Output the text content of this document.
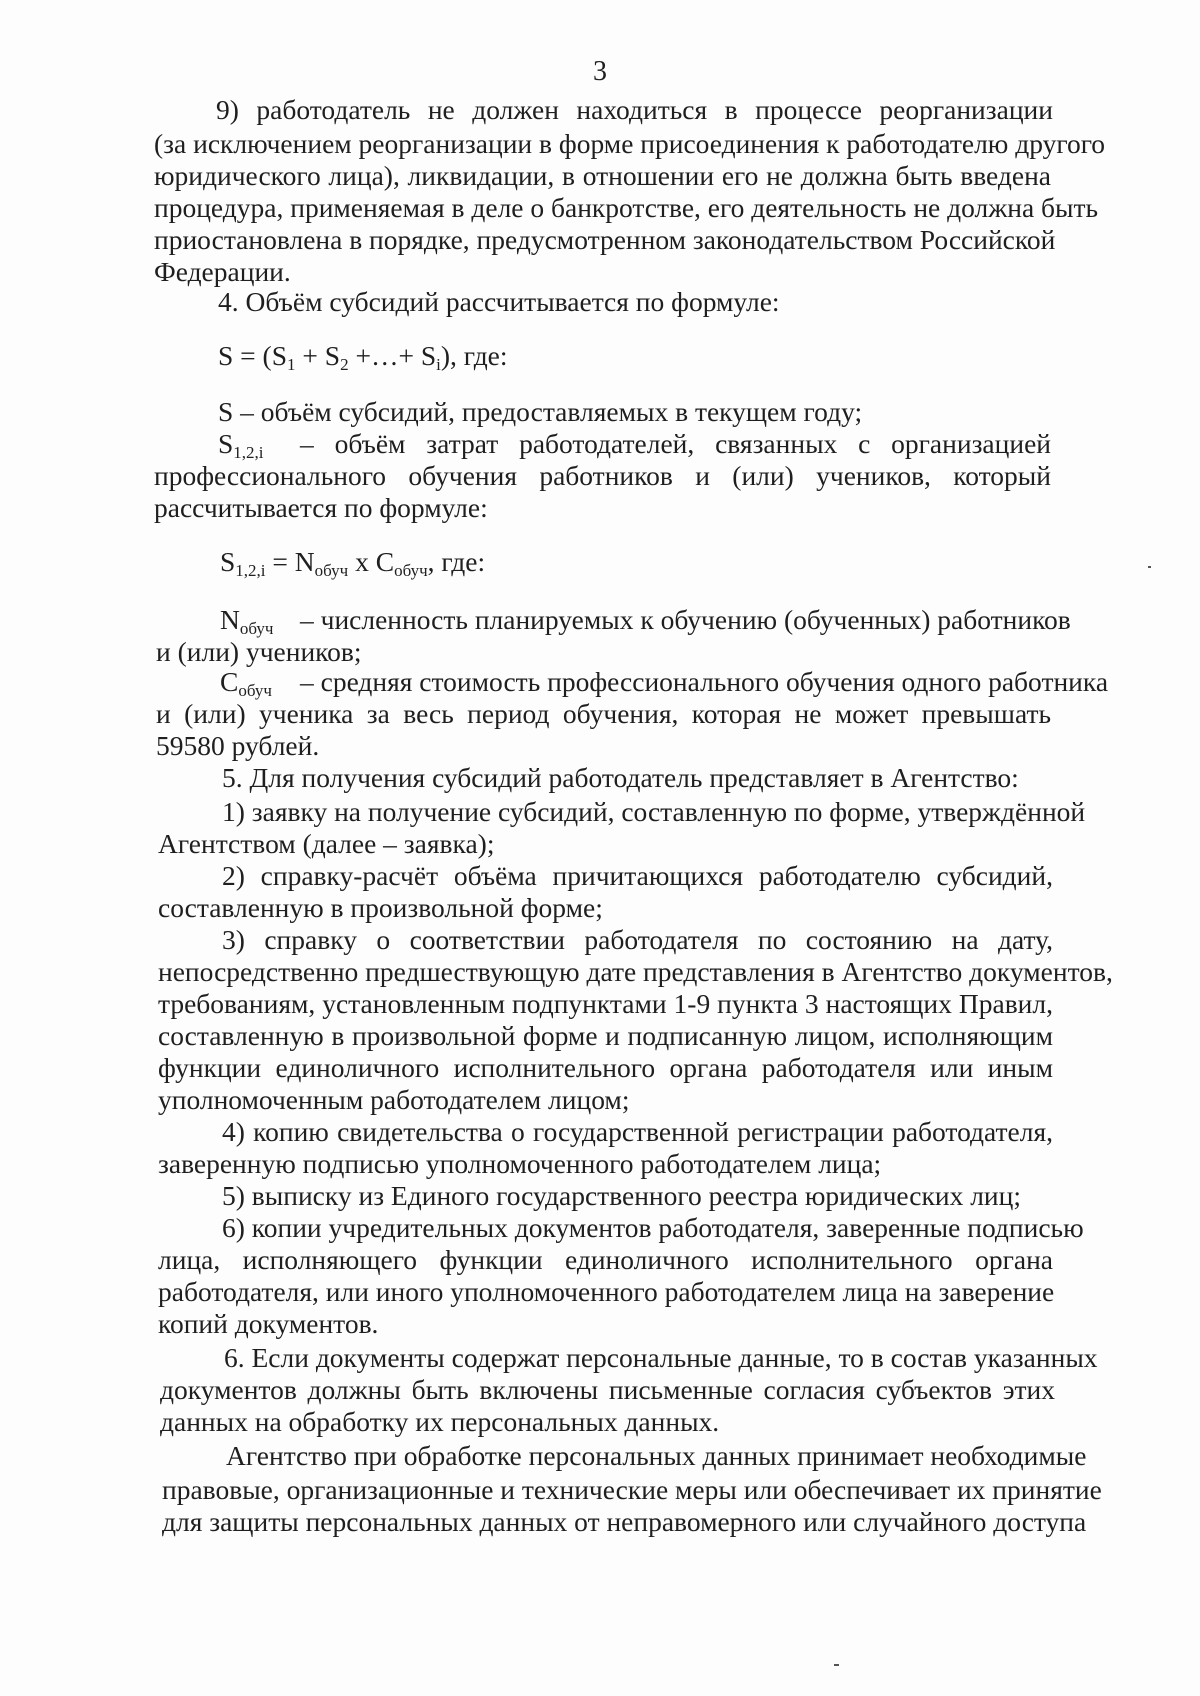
3
9) работодатель не должен находиться в процессе реорганизации
(за исключением реорганизации в форме присоединения к работодателю другого
юридического лица), ликвидации, в отношении его не должна быть введена
процедура, применяемая в деле о банкротстве, его деятельность не должна быть
приостановлена в порядке, предусмотренном законодательством Российской
Федерации.
4. Объём субсидий рассчитывается по формуле:
$S = (S_1 + S_2$ +…+ $S_i$), где:
S – объём субсидий, предоставляемых в текущем году;
$S_{1,2,i}$ – объём затрат работодателей, связанных с организацией
профессионального обучения работников и (или) учеников, который
рассчитывается по формуле:
$S_{1,2,i} = N_{обуч}$ x $C_{обуч}$, где:
$N_{обуч}$ – численность планируемых к обучению (обученных) работников
и (или) учеников;
$C_{обуч}$ – средняя стоимость профессионального обучения одного работника
и (или) ученика за весь период обучения, которая не может превышать
59580 рублей.
5. Для получения субсидий работодатель представляет в Агентство:
1) заявку на получение субсидий, составленную по форме, утверждённой
Агентством (далее – заявка);
2) справку-расчёт объёма причитающихся работодателю субсидий,
составленную в произвольной форме;
3) справку о соответствии работодателя по состоянию на дату,
непосредственно предшествующую дате представления в Агентство документов,
требованиям, установленным подпунктами 1-9 пункта 3 настоящих Правил,
составленную в произвольной форме и подписанную лицом, исполняющим
функции единоличного исполнительного органа работодателя или иным
уполномоченным работодателем лицом;
4) копию свидетельства о государственной регистрации работодателя,
заверенную подписью уполномоченного работодателем лица;
5) выписку из Единого государственного реестра юридических лиц;
6) копии учредительных документов работодателя, заверенные подписью
лица, исполняющего функции единоличного исполнительного органа
работодателя, или иного уполномоченного работодателем лица на заверение
копий документов.
6. Если документы содержат персональные данные, то в состав указанных
документов должны быть включены письменные согласия субъектов этих
данных на обработку их персональных данных.
Агентство при обработке персональных данных принимает необходимые
правовые, организационные и технические меры или обеспечивает их принятие
для защиты персональных данных от неправомерного или случайного доступа
